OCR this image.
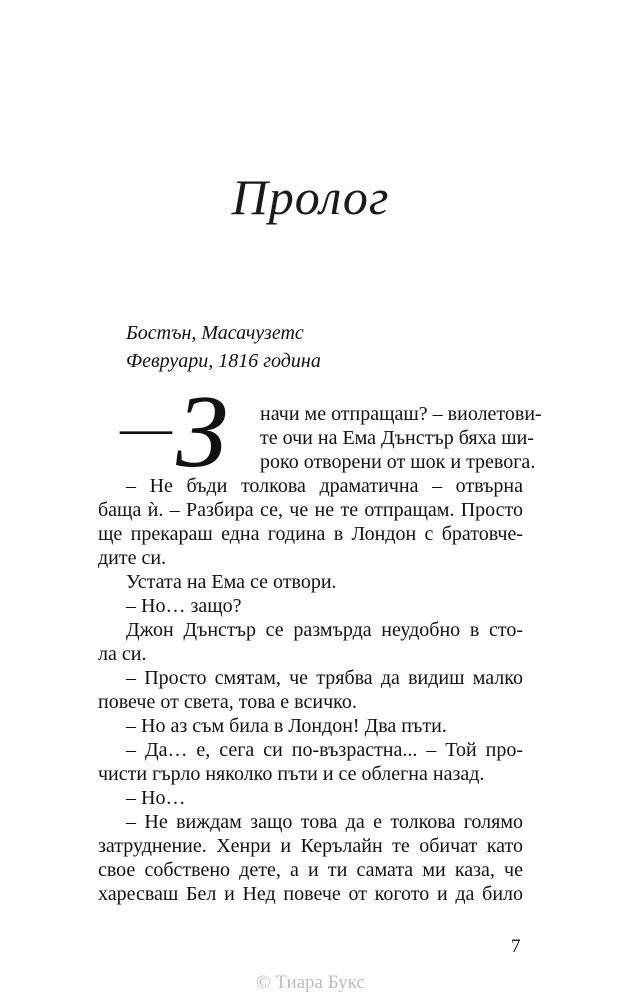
Пролог
Бостън, Масачузетс
Февруари, 1816 година
— З начи ме отпращаш? – виолетови-
те очи на Ема Дънстър бяха ши-
роко отворени от шок и тревога.
– Не бъди толкова драматична – отвърна
баща ѝ. – Разбира се, че не те отпращам. Просто
ще прекараш една година в Лондон с братовче-
дите си.
Устата на Ема се отвори.
– Но… защо?
Джон Дънстър се размърда неудобно в сто-
ла си.
– Просто смятам, че трябва да видиш малко
повече от света, това е всичко.
– Но аз съм била в Лондон! Два пъти.
– Да… е, сега си по-възрастна... – Той про-
чисти гърло няколко пъти и се облегна назад.
– Но…
– Не виждам защо това да е толкова голямо
затруднение. Хенри и Керълайн те обичат като
свое собствено дете, а и ти самата ми каза, че
харесваш Бел и Нед повече от когото и да било
7
© Тиара Букс
